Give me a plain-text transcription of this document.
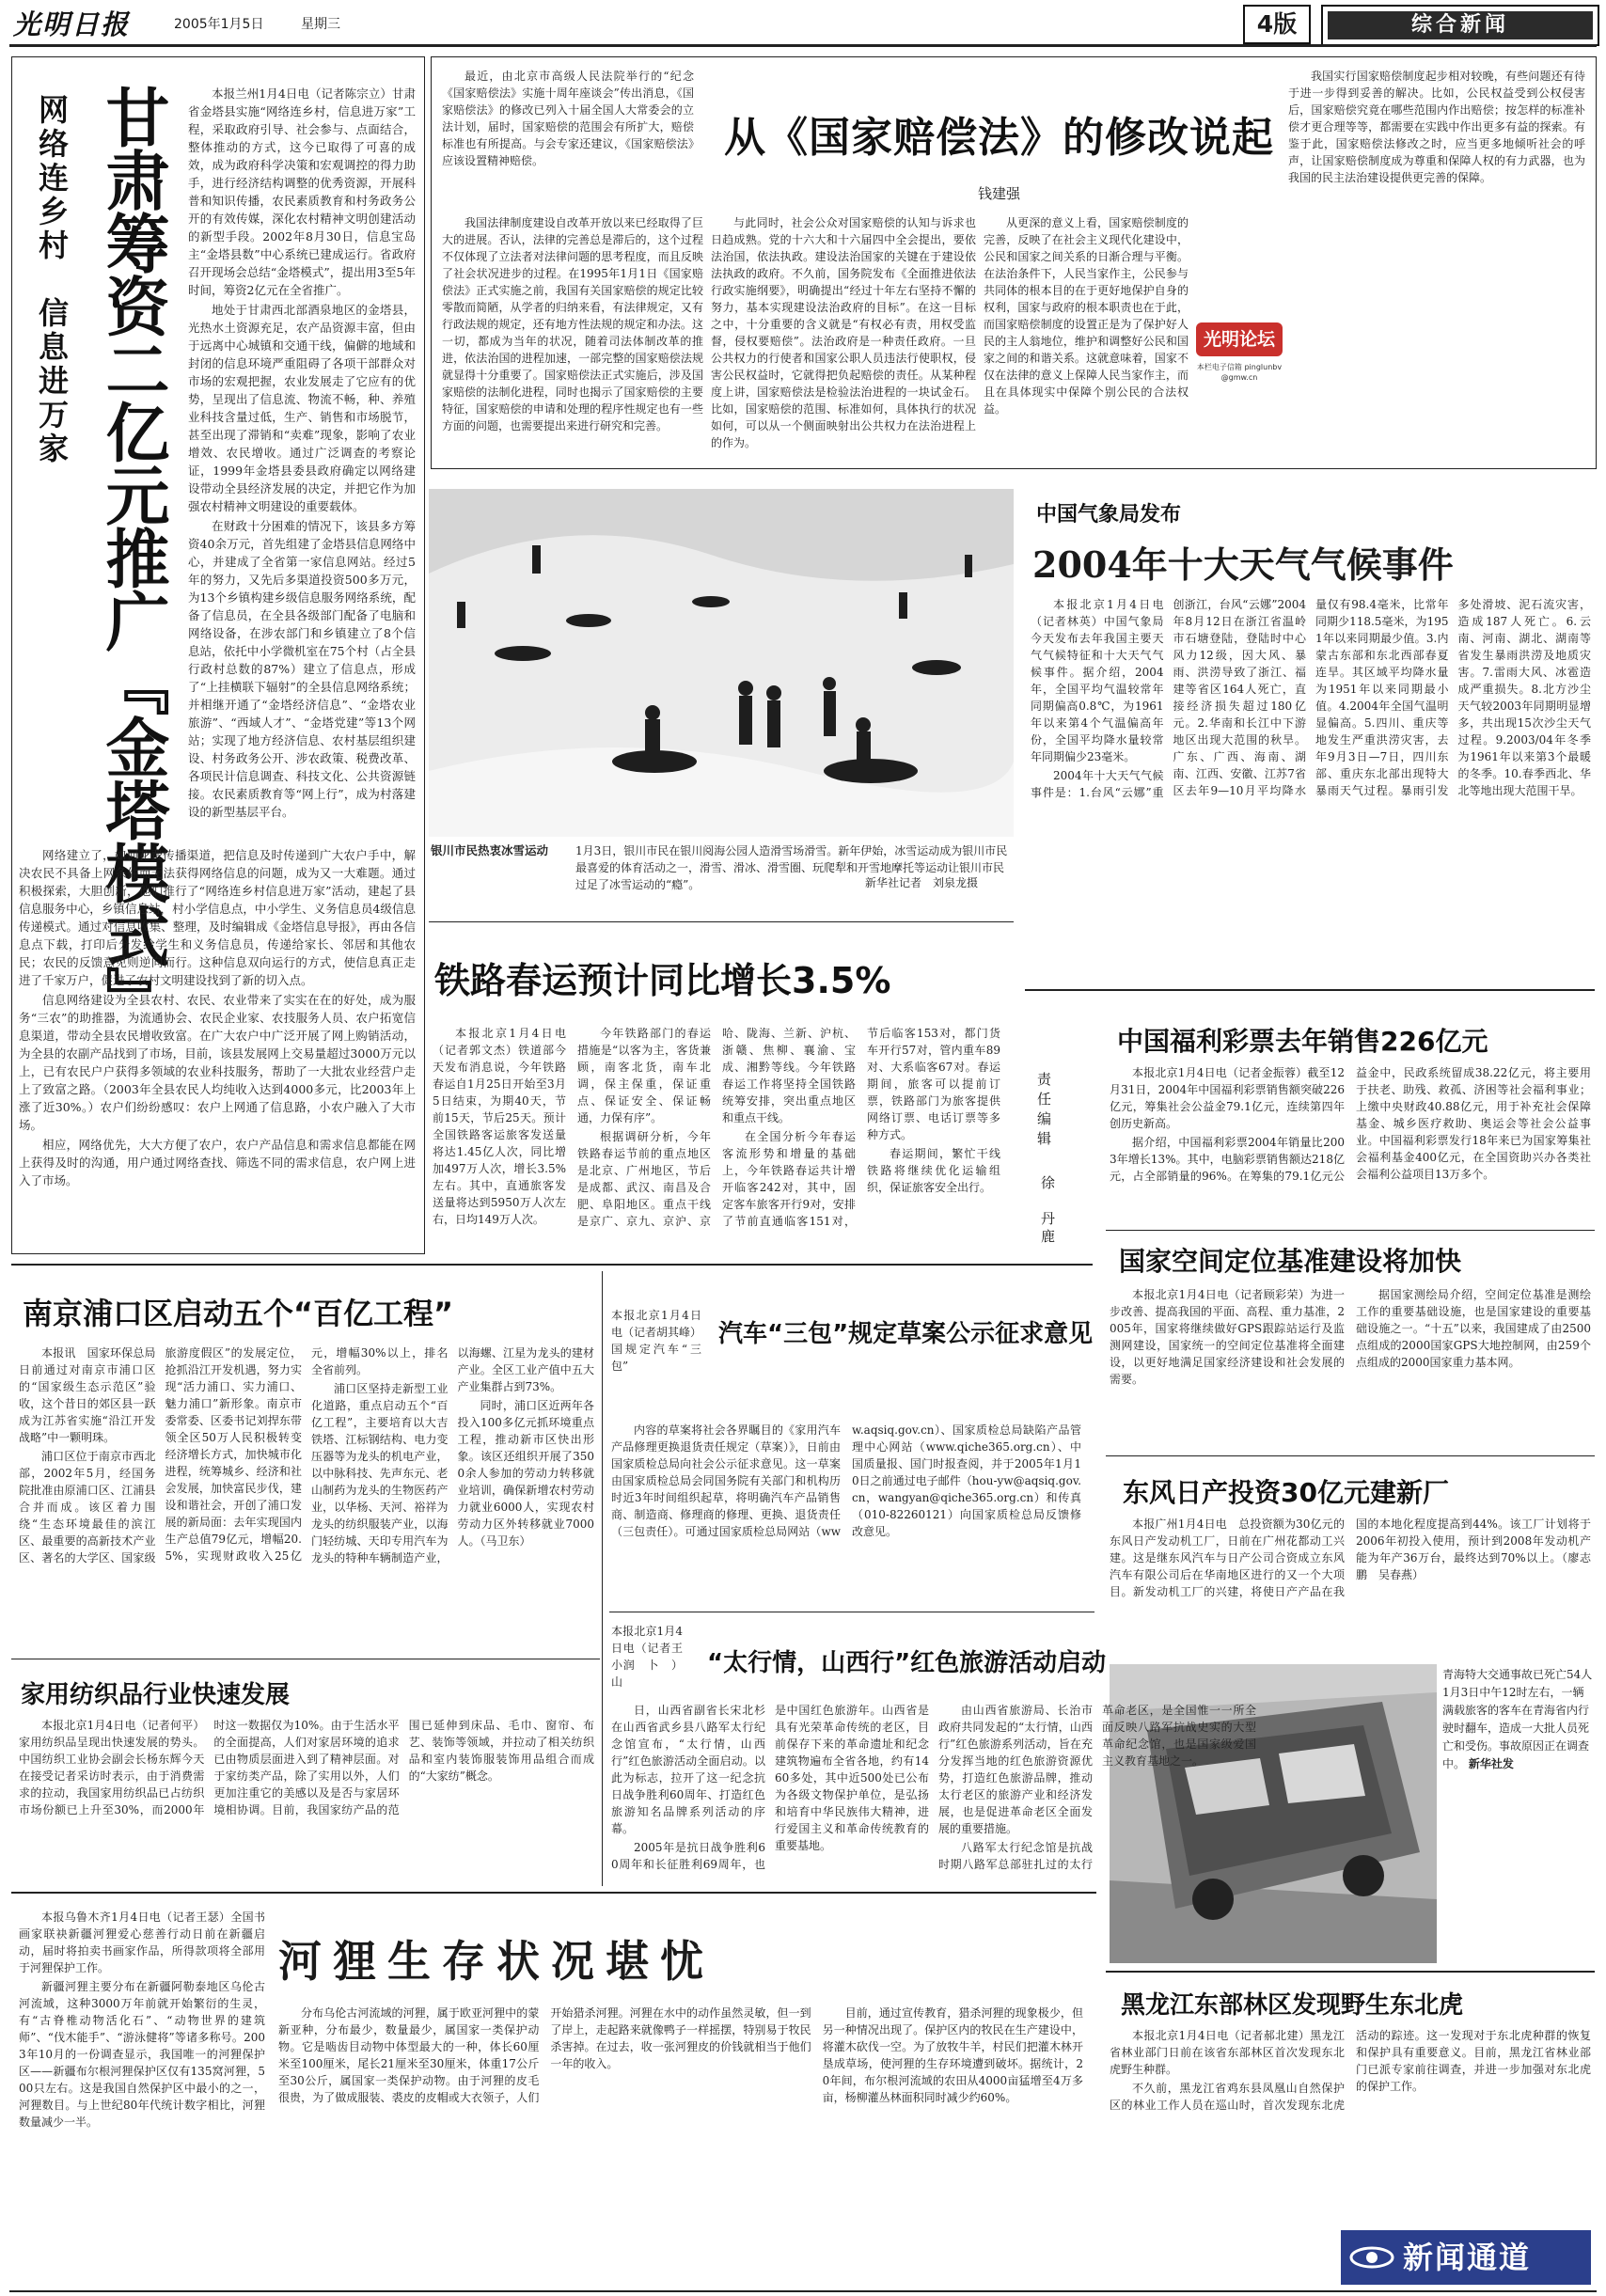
光明日报	2005年1月5日	星期三	4版	综合新闻
网络连乡村　信息进万家 甘肃筹资二亿元推广『金塔模式』	本报兰州1月4日电（记者陈宗立）甘肃省金塔县实施“网络连乡村，信息进万家”工程，采取政府引导、社会参与、点面结合，整体推动的方式，这今已取得了可喜的成效，成为政府科学决策和宏观调控的得力助手，进行经济结构调整的优秀资源，开展科普和知识传播，农民素质教育和村务政务公开的有效传媒，深化农村精神文明创建活动的新型手段。2002年8月30日，信息宝岛主“金塔县数”中心系统已建成运行。省政府召开现场会总结“金塔模式”，提出用3至5年时间，筹资2亿元在全省推广。

地处于甘肃西北部酒泉地区的金塔县，光热水土资源充足，农产品资源丰富，但由于远离中心城镇和交通干线，偏僻的地域和封闭的信息环境严重阻碍了各项干部群众对市场的宏观把握，农业发展走了它应有的优势，呈现出了信息流、物流不畅，种、养殖业科技含量过低，生产、销售和市场脱节，甚至出现了滞销和“卖难”现象，影响了农业增效、农民增收。通过广泛调查的考察论证，1999年金塔县委县政府确定以网络建设带动全县经济发展的决定，并把它作为加强农村精神文明建设的重要载体。

在财政十分困难的情况下，该县多方筹资40余万元，首先组建了金塔县信息网络中心，并建成了全省第一家信息网站。经过5年的努力，又先后多渠道投资500多万元，为13个乡镇构建乡级信息服务网络系统，配备了信息员，在全县各级部门配备了电脑和网络设备，在涉农部门和乡镇建立了8个信息站，依托中小学微机室在75个村（占全县行政村总数的87%）建立了信息点，形成了“上挂横联下辐射”的全县信息网络系统；并相继开通了“金塔经济信息”、“金塔农业旅游”、“西域人才”、“金塔党建”等13个网站；实现了地方经济信息、农村基层组织建设、村务政务公开、涉农政策、税费改革、各项民计信息调查、科技文化、公共资源链接。农民素质教育等“网上行”，成为村落建设的新型基层平台。

网络建立了，如何花费传播渠道，把信息及时传递到广大农户手中，解决农民不具备上网条件而无法获得网络信息的问题，成为又一大难题。通过积极探索，大胆创新，他们推行了“网络连乡村信息进万家”活动，建起了县信息服务中心，乡镇信息站，村小学信息点，中小学生、义务信息员4级信息传递模式。通过对信息收集、整理，及时编辑成《金塔信息导报》，再由各信息点下载，打印后分发给学生和义务信息员，传递给家长、邻居和其他农民；农民的反馈意见则逆向而行。这种信息双向运行的方式，使信息真正走进了千家万户，促进了农村文明建设找到了新的切入点。

信息网络建设为全县农村、农民、农业带来了实实在在的好处，成为服务“三农”的助推器，为流通协会、农民企业家、农技服务人员、农户拓宽信息渠道，带动全县农民增收致富。在广大农户中广泛开展了网上购销活动，为全县的农副产品找到了市场，目前，该县发展网上交易量超过3000万元以上，已有农民户户获得多领域的农业科技服务，帮助了一大批农业经营户走上了致富之路。（2003年全县农民人均纯收入达到4000多元，比2003年上涨了近30%。）农户们纷纷感叹：农户上网通了信息路，小农户融入了大市场。

相应，网络优先，大大方便了农户，农户产品信息和需求信息都能在网上获得及时的沟通，用户通过网络查找、筛选不同的需求信息，农户网上进入了市场。

最近，由北京市高级人民法院举行的“纪念《国家赔偿法》实施十周年座谈会”传出消息，《国家赔偿法》的修改已列入十届全国人大常委会的立法计划，届时，国家赔偿的范围会有所扩大，赔偿标准也有所提高。与会专家还建议，《国家赔偿法》应该设置精神赔偿。	从《国家赔偿法》的修改说起
钱建强

我国法律制度建设自改革开放以来已经取得了巨大的进展。否认，法律的完善总是滞后的，这个过程不仅体现了立法者对法律问题的思考程度，而且反映了社会状况进步的过程。在1995年1月1日《国家赔偿法》正式实施之前，我国有关国家赔偿的规定比较零散而简陋，从学者的归纳来看，有法律规定，又有行政法规的规定，还有地方性法规的规定和办法。这一切，都成为当年的状况，随着司法体制改革的推进，依法治国的进程加速，一部完整的国家赔偿法规就显得十分重要了。国家赔偿法正式实施后，涉及国家赔偿的法制化进程，同时也揭示了国家赔偿的主要特征，国家赔偿的申请和处理的程序性规定也有一些方面的问题，也需要提出来进行研究和完善。

与此同时，社会公众对国家赔偿的认知与诉求也日趋成熟。党的十六大和十六届四中全会提出，要依法治国，依法执政。建设法治国家的关键在于建设依法执政的政府。不久前，国务院发布《全面推进依法行政实施纲要》，明确提出“经过十年左右坚持不懈的努力，基本实现建设法治政府的目标”。在这一目标之中，十分重要的含义就是“有权必有责，用权受监督，侵权要赔偿”。法治政府是一种责任政府。一旦公共权力的行使者和国家公职人员违法行使职权，侵害公民权益时，它就得把负起赔偿的责任。从某种程度上讲，国家赔偿法是检验法治进程的一块试金石。比如，国家赔偿的范围、标准如何，具体执行的状况如何，可以从一个侧面映射出公共权力在法治进程上的作为。

从更深的意义上看，国家赔偿制度的完善，反映了在社会主义现代化建设中，公民和国家之间关系的日渐合理与平衡。在法治条件下，人民当家作主，公民参与共同体的根本目的在于更好地保护自身的权利，国家与政府的根本职责也在于此，而国家赔偿制度的设置正是为了保护好人民的主人翁地位，维护和调整好公民和国家之间的和谐关系。这就意味着，国家不仅在法律的意义上保障人民当家作主，而且在具体现实中保障个别公民的合法权益。

我国实行国家赔偿制度起步相对较晚，有些问题还有待于进一步得到妥善的解决。比如，公民权益受到公权侵害后，国家赔偿究竟在哪些范围内作出赔偿；按怎样的标准补偿才更合理等等，都需要在实践中作出更多有益的探索。有鉴于此，国家赔偿法修改之时，应当更多地倾听社会的呼声，让国家赔偿制度成为尊重和保障人权的有力武器，也为我国的民主法治建设提供更完善的保障。

光明论坛
本栏电子信箱 pinglunbv@gmw.cn
银川市民热衷冰雪运动	1月3日，银川市民在银川阅海公园人造滑雪场滑雪。新年伊始，冰雪运动成为银川市民最喜爱的体育活动之一，滑雪、滑冰、滑雪圈、玩爬犁和开雪地摩托等运动让银川市民过足了冰雪运动的“瘾”。	新华社记者　刘泉龙摄
中国气象局发布
2004年十大天气气候事件

本报北京1月4日电（记者林英）中国气象局今天发布去年我国主要天气气候特征和十大天气气候事件。据介绍，2004年，全国平均气温较常年同期偏高0.8℃，为1961年以来第4个气温偏高年份，全国平均降水量较常年同期偏少23毫米。

2004年十大天气气候事件是：1.台风“云娜”重创浙江，台风“云娜”2004年8月12日在浙江省温岭市石塘登陆，登陆时中心风力12级，因大风、暴雨、洪涝导致了浙江、福建等省区164人死亡，直接经济损失超过180亿元。2.华南和长江中下游地区出现大范围的秋旱。广东、广西、海南、湖南、江西、安徽、江苏7省区去年9—10月平均降水量仅有98.4毫米，比常年同期少118.5毫米，为1951年以来同期最少值。3.内蒙古东部和东北西部春夏连旱。其区域平均降水量为1951年以来同期最小值。4.2004年全国气温明显偏高。5.四川、重庆等地发生严重洪涝灾害，去年9月3日—7日，四川东部、重庆东北部出现特大暴雨天气过程。暴雨引发多处滑坡、泥石流灾害，造成187人死亡。6.云南、河南、湖北、湖南等省发生暴雨洪涝及地质灾害。7.雷雨大风、冰雹造成严重损失。8.北方沙尘天气较2003年同期明显增多，共出现15次沙尘天气过程。9.2003/04年冬季为1961年以来第3个最暖的冬季。10.春季西北、华北等地出现大范围干旱。

铁路春运预计同比增长3.5%

本报北京1月4日电（记者郭文杰）铁道部今天发布消息说，今年铁路春运自1月25日开始至3月5日结束，为期40天，节前15天，节后25天。预计全国铁路客运旅客发送量将达1.45亿人次，同比增加497万人次，增长3.5%左右。其中，直通旅客发送量将达到5950万人次左右，日均149万人次。

今年铁路部门的春运措施是“以客为主，客货兼顾，南客北货，南车北调，保主保重，保证重点、保证安全、保证畅通，力保有序”。

根据调研分析，今年铁路春运节前的重点地区是北京、广州地区，节后是成都、武汉、南昌及合肥、阜阳地区。重点干线是京广、京九、京沪、京哈、陇海、兰新、沪杭、浙赣、焦柳、襄渝、宝成、湘黔等线。今年铁路春运工作将坚持全国铁路统筹安排，突出重点地区和重点干线。

在全国分析今年春运客流形势和增量的基础上，今年铁路春运共计增开临客242对，其中，固定客车旅客开行9对，安排了节前直通临客151对，节后临客153对，都门货车开行57对，管内重车89对、大系临客67对。春运期间，旅客可以提前订票，铁路部门为旅客提供网络订票、电话订票等多种方式。

春运期间，繁忙干线铁路将继续优化运输组织，保证旅客安全出行。

责任编辑
徐　丹鹿
中国福利彩票去年销售226亿元

本报北京1月4日电（记者金振蓉）截至12月31日，2004年中国福利彩票销售额突破226亿元，筹集社会公益金79.1亿元，连续第四年创历史新高。

据介绍，中国福利彩票2004年销量比2003年增长13%。其中，电脑彩票销售额达218亿元，占全部销量的96%。在筹集的79.1亿元公益金中，民政系统留成38.22亿元，将主要用于扶老、助残、救孤、济困等社会福利事业；上缴中央财政40.88亿元，用于补充社会保障基金、城乡医疗救助、奥运会等社会公益事业。中国福利彩票发行18年来已为国家筹集社会福利基金400亿元，在全国资助兴办各类社会福利公益项目13万多个。

国家空间定位基准建设将加快

本报北京1月4日电（记者顾彩荣）为进一步改善、提高我国的平面、高程、重力基准，2005年，国家将继续做好GPS跟踪站运行及监测网建设，国家统一的空间定位基准将全面建设，以更好地满足国家经济建设和社会发展的需要。

据国家测绘局介绍，空间定位基准是测绘工作的重要基础设施，也是国家建设的重要基础设施之一。“十五”以来，我国建成了由2500点组成的2000国家GPS大地控制网，由259个点组成的2000国家重力基本网。

东风日产投资30亿元建新厂

本报广州1月4日电　总投资额为30亿元的东风日产发动机工厂，日前在广州花都动工兴建。这是继东风汽车与日产公司合资成立东风汽车有限公司后在华南地区进行的又一个大项目。新发动机工厂的兴建，将使日产产品在我国的本地化程度提高到44%。该工厂计划将于2006年初投入使用，预计到2008年发动机产能为年产36万台，最终达到70%以上。（廖志鹏　吴春燕）

青海特大交通事故已死亡54人　1月3日中午12时左右，一辆满载旅客的客车在青海省内行驶时翻车，造成一大批人员死亡和受伤。事故原因正在调查中。 新华社发
南京浦口区启动五个“百亿工程”

本报讯　国家环保总局日前通过对南京市浦口区的“国家级生态示范区”验收，这个昔日的郊区县一跃成为江苏省实施“沿江开发战略”中一颗明珠。

浦口区位于南京市西北部，2002年5月，经国务院批准由原浦口区、江浦县合并而成。该区着力围绕“生态环境最佳的滨江区、最重要的高新技术产业区、著名的大学区、国家级旅游度假区”的发展定位，抢抓沿江开发机遇，努力实现“活力浦口、实力浦口、魅力浦口”新形象。南京市委常委、区委书记刘捍东带领全区50万人民积极转变经济增长方式，加快城市化进程，统筹城乡、经济和社会发展，加快富民步伐，建设和谐社会，开创了浦口发展的新局面：去年实现国内生产总值79亿元，增幅20.5%，实现财政收入25亿元，增幅30%以上，排名全省前列。

浦口区坚持走新型工业化道路，重点启动五个“百亿工程”，主要培育以大吉铁塔、江标钢结构、电力变压器等为龙头的机电产业，以中脉科技、先声东元、老山制药为龙头的生物医药产业，以华杨、天河、裕祥为龙头的纺织服装产业，以海门轻纺城、天印专用汽车为龙头的特种车辆制造产业，以海螺、江星为龙头的建材产业。全区工业产值中五大产业集群占到73%。

同时，浦口区近两年各投入100多亿元抓环境重点工程，推动新市区快出形象。该区还组织开展了3500余人参加的劳动力转移就业培训，确保新增农村劳动力就业6000人，实现农村劳动力区外转移就业7000人。（马卫东）

本报北京1月4日电（记者胡其峰）国规定汽车“三包”
汽车“三包”规定草案公示征求意见

内容的草案将社会各界瞩目的《家用汽车产品修理更换退货责任规定（草案）》，日前由国家质检总局向社会公示征求意见。这一草案由国家质检总局会同国务院有关部门和机构历时近3年时间组织起草，将明确汽车产品销售商、制造商、修理商的修理、更换、退货责任（三包责任）。可通过国家质检总局网站（www.aqsiq.gov.cn）、国家质检总局缺陷产品管理中心网站（www.qiche365.org.cn）、中国质量报、国门时报查阅，并于2005年1月10日之前通过电子邮件（hou-yw@aqsiq.gov.cn，wangyan@qiche365.org.cn）和传真（010-82260121）向国家质检总局反馈修改意见。

本报北京1月4日电（记者王小润　卜　）山
“太行情，山西行”红色旅游活动启动

日，山西省副省长宋北杉在山西省武乡县八路军太行纪念馆宣布，“太行情，山西行”红色旅游活动全面启动。以此为标志，拉开了这一纪念抗日战争胜利60周年、打造红色旅游知名品牌系列活动的序幕。

2005年是抗日战争胜利60周年和长征胜利69周年，也是中国红色旅游年。山西省是具有光荣革命传统的老区，目前保存下来的革命遗址和纪念建筑物遍布全省各地，约有1460多处，其中近500处已公布为各级文物保护单位，是弘扬和培育中华民族伟大精神，进行爱国主义和革命传统教育的重要基地。

由山西省旅游局、长治市政府共同发起的“太行情，山西行”红色旅游系列活动，旨在充分发挥当地的红色旅游资源优势，打造红色旅游品牌，推动太行老区的旅游产业和经济发展，也是促进革命老区全面发展的重要措施。

八路军太行纪念馆是抗战时期八路军总部驻扎过的太行革命老区，是全国惟一一所全面反映八路军抗战史实的大型革命纪念馆，也是国家级爱国主义教育基地之一。

家用纺织品行业快速发展

本报北京1月4日电（记者何平）家用纺织品呈现出快速发展的势头。中国纺织工业协会副会长杨东辉今天在接受记者采访时表示，由于消费需求的拉动，我国家用纺织品已占纺织市场份额已上升至30%，而2000年时这一数据仅为10%。由于生活水平的全面提高，人们对家居环境的追求已由物质层面进入到了精神层面。对于家纺类产品，除了实用以外，人们更加注重它的美感以及是否与家居环境相协调。目前，我国家纺产品的范围已延伸到床品、毛巾、窗帘、布艺、装饰等领域，并拉动了相关纺织品和室内装饰服装饰用品组合而成的“大家纺”概念。

本报乌鲁木齐1月4日电（记者王瑟）全国书画家联袂新疆河狸爱心慈善行动日前在新疆启动，届时将拍卖书画家作品，所得款项将全部用于河狸保护工作。

新疆河狸主要分布在新疆阿勒泰地区乌伦古河流域，这种3000万年前就开始繁衍的生灵，有“古脊椎动物活化石”、“动物世界的建筑师”、“伐木能手”、“游泳健将”等诸多称号。2003年10月的一份调查显示，我国唯一的河狸保护区——新疆布尔根河狸保护区仅有135窝河狸，500只左右。这是我国自然保护区中最小的之一，河狸数目。与上世纪80年代统计数字相比，河狸数量减少一半。

河狸生存状况堪忧

分布乌伦古河流域的河狸，属于欧亚河狸中的蒙新亚种，分布最少，数量最少，属国家一类保护动物。它是啮齿目动物中体型最大的一种，体长60厘米至100厘米，尾长21厘米至30厘米，体重17公斤至30公斤，属国家一类保护动物。由于河狸的皮毛很贵，为了做成服装、裘皮的皮帽或大衣领子，人们开始猎杀河狸。河狸在水中的动作虽然灵敏，但一到了岸上，走起路来就像鸭子一样摇摆，特别易于牧民杀害掉。在过去，收一张河狸皮的价钱就相当于他们一年的收入。

目前，通过宣传教育，猎杀河狸的现象极少，但另一种情况出现了。保护区内的牧民在生产建设中，将灌木砍伐一空。为了放牧牛羊，村民们把灌木林开垦成草场，使河狸的生存环境遭到破坏。据统计，20年间，布尔根河流域的农田从4000亩猛增至4万多亩，杨柳灌丛林面积同时减少约60%。

黑龙江东部林区发现野生东北虎

本报北京1月4日电（记者郝北建）黑龙江省林业部门日前在该省东部林区首次发现东北虎野生种群。

不久前，黑龙江省鸡东县凤凰山自然保护区的林业工作人员在巡山时，首次发现东北虎活动的踪迹。这一发现对于东北虎种群的恢复和保护具有重要意义。目前，黑龙江省林业部门已派专家前往调查，并进一步加强对东北虎的保护工作。

新闻通道
